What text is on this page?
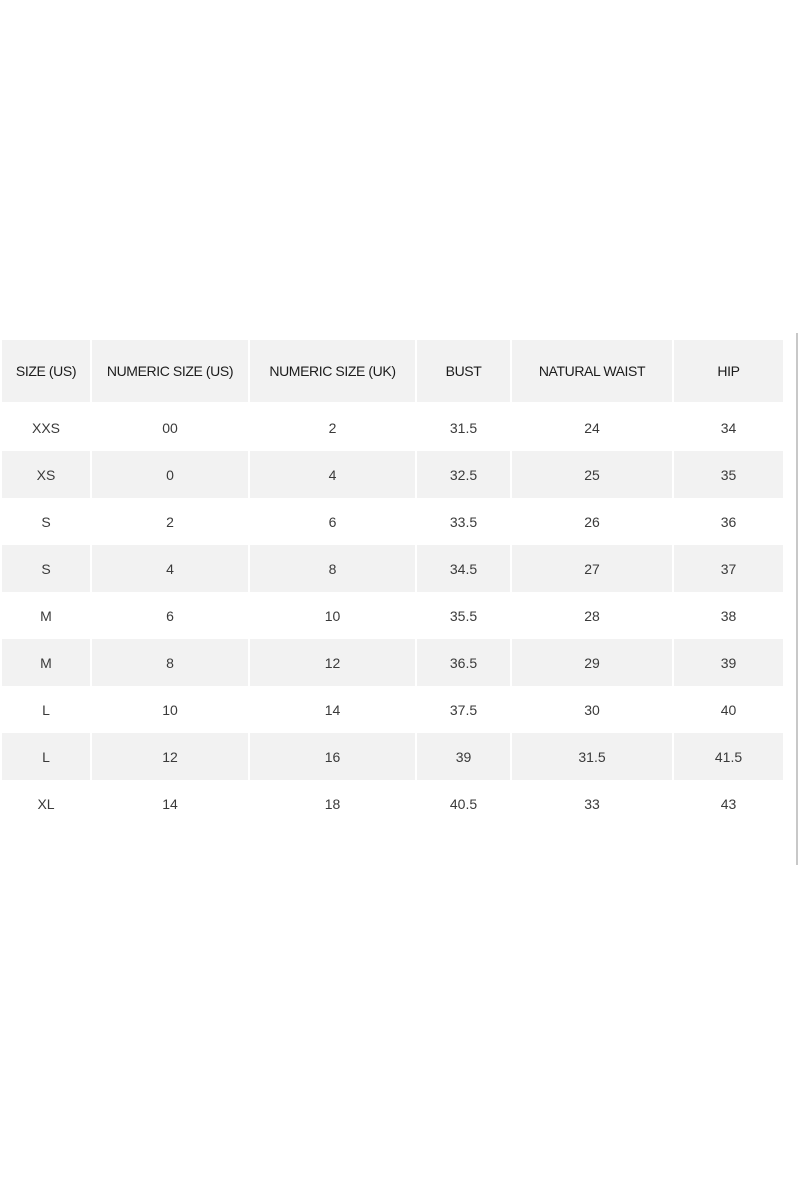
SIZE (US)	NUMERIC SIZE (US)	NUMERIC SIZE (UK)	BUST	NATURAL WAIST	HIP
XXS	00	2	31.5	24	34
XS	0	4	32.5	25	35
S	2	6	33.5	26	36
S	4	8	34.5	27	37
M	6	10	35.5	28	38
M	8	12	36.5	29	39
L	10	14	37.5	30	40
L	12	16	39	31.5	41.5
XL	14	18	40.5	33	43
